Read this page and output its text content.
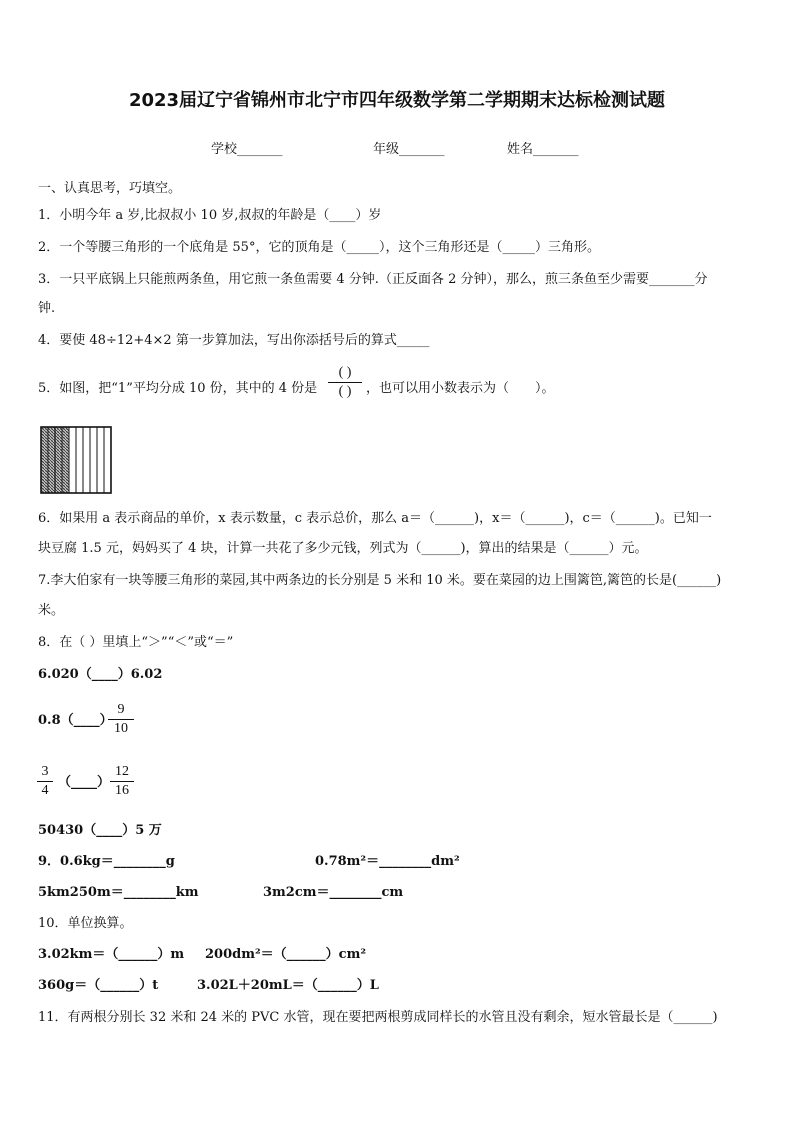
2023届辽宁省锦州市北宁市四年级数学第二学期期末达标检测试题
学校_______	年级_______	姓名_______
一、认真思考，巧填空。
1．小明今年 a 岁,比叔叔小 10 岁,叔叔的年龄是（____）岁
2．一个等腰三角形的一个底角是 55°，它的顶角是（_____），这个三角形还是（_____）三角形。
3．一只平底锅上只能煎两条鱼，用它煎一条鱼需要 4 分钟.（正反面各 2 分钟），那么，煎三条鱼至少需要_______分
钟.
4．要使 48÷12+4×2 第一步算加法，写出你添括号后的算式_____
5．如图，把“1”平均分成 10 份，其中的 4 份是
( )
( )	，也可以用小数表示为（　　）。
6．如果用 a 表示商品的单价，x 表示数量，c 表示总价，那么 a＝（______)，x＝（______)，c＝（______)。已知一
块豆腐 1.5 元，妈妈买了 4 块，计算一共花了多少元钱，列式为（______)，算出的结果是（______）元。
7.李大伯家有一块等腰三角形的菜园,其中两条边的长分别是 5 米和 10 米。要在菜园的边上围篱笆,篱笆的长是(______)
米。
8．在（ ）里填上“＞”“＜”或“＝”
6.020（____）6.02
0.8（____）
9
10
3
4
（____）
12
16
50430（____）5 万
9．0.6kg＝________g	0.78m²＝________dm²
5km250m＝________km	3m2cm＝________cm
10．单位换算。
3.02km＝（______）m 200dm²＝（______）cm²
360g＝（______）t	3.02L＋20mL＝（______）L
11．有两根分别长 32 米和 24 米的 PVC 水管，现在要把两根剪成同样长的水管且没有剩余，短水管最长是（______)
